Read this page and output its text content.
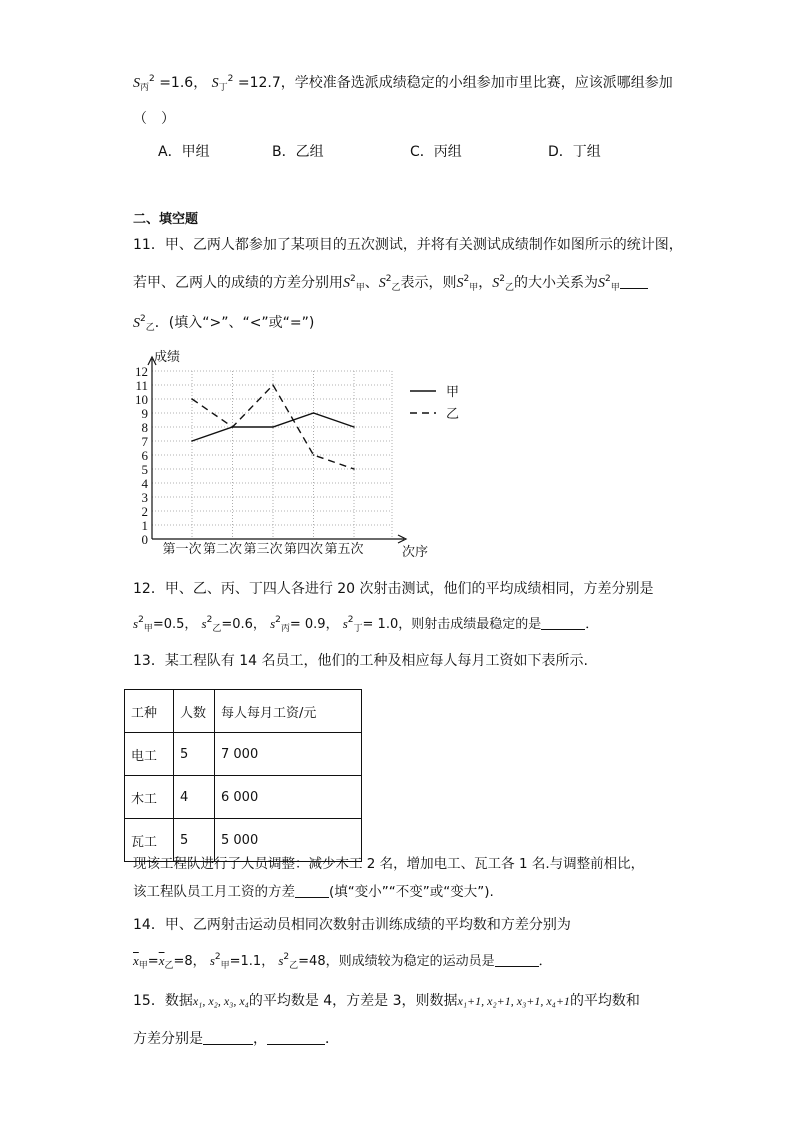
$S_丙^2 =1.6$， $S_丁^2 =12.7$，学校准备选派成绩稳定的小组参加市里比赛，应该派哪组参加
（　）
A．甲组	B．乙组	C．丙组	D．丁组
二、填空题
11．甲、乙两人都参加了某项目的五次测试，并将有关测试成绩制作如图所示的统计图，
若甲、乙两人的成绩的方差分别用$S^2_甲$、$S^2_乙$表示，则$S^2_甲$，$S^2_乙$的大小关系为$S^2_甲$
$S^2_乙$．(填入“>”、“<”或“=”)
0
1
2
3
4
5
6
7
8
9
10
11
12
第一次 第二次 第三次 第四次 第五次
成绩
次序
甲
乙
12．甲、乙、丙、丁四人各进行 20 次射击测试，他们的平均成绩相同，方差分别是
$s^2_甲=0.5$， $s^2_乙=0.6$， $s^2_丙= 0.9$， $s^2_丁= 1.0$，则射击成绩最稳定的是	．
13．某工程队有 14 名员工，他们的工种及相应每人每月工资如下表所示.
工种	人数	每人每月工资/元
电工	5	7 000
木工	4	6 000
瓦工	5	5 000
现该工程队进行了人员调整：减少木工 2 名，增加电工、瓦工各 1 名.与调整前相比，
该工程队员工月工资的方差	(填“变小”“不变”或“变大”).
14．甲、乙两射击运动员相同次数射击训练成绩的平均数和方差分别为
$\overline{x}_甲=\overline{x}_乙=8$， $s^2_甲=1.1$， $s^2_乙=48$，则成绩较为稳定的运动员是	．
15．数据x₁, x₂, x₃, x₄的平均数是 4，方差是 3，则数据x₁+1, x₂+1, x₃+1, x₄+1的平均数和
方差分别是	，	．
